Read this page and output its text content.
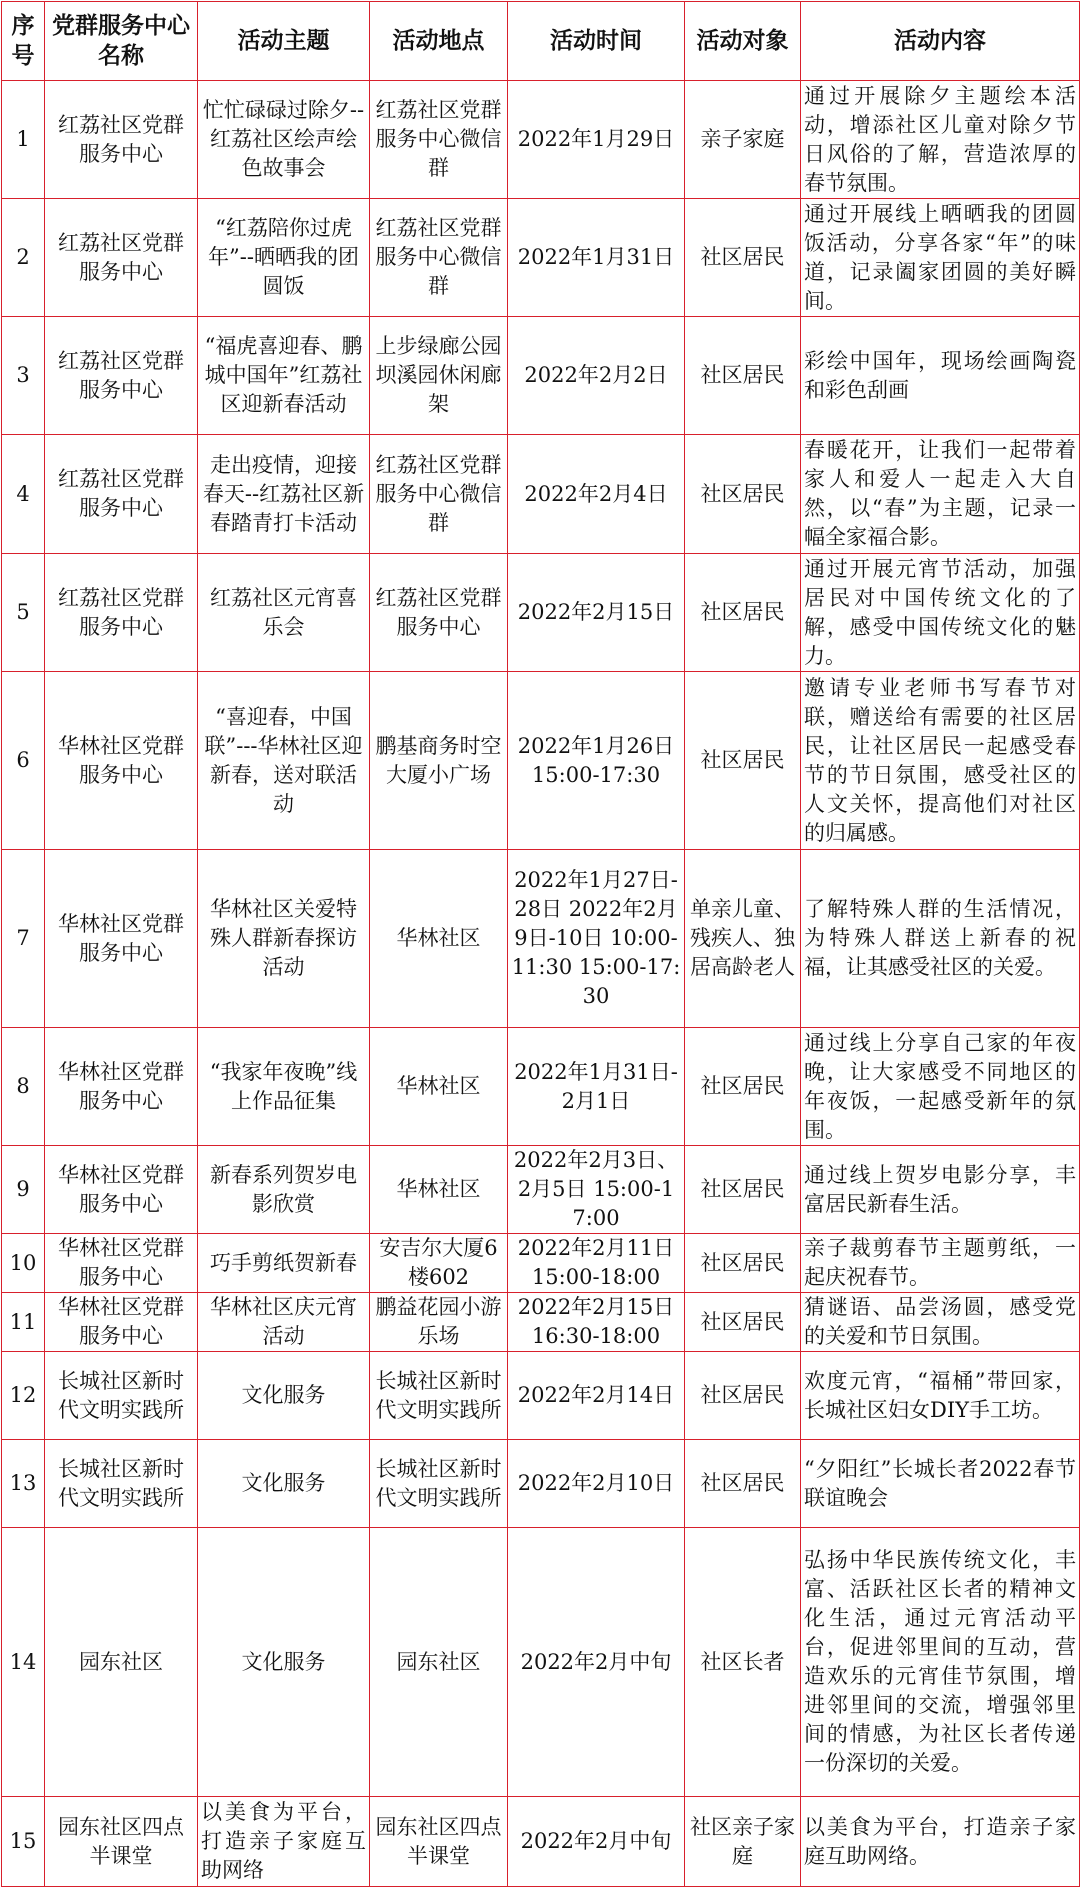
序号	党群服务中心名称	活动主题	活动地点	活动时间	活动对象	活动内容
1	红荔社区党群服务中心	忙忙碌碌过除夕--红荔社区绘声绘色故事会	红荔社区党群服务中心微信群	2022年1月29日	亲子家庭	通过开展除夕主题绘本活动，增添社区儿童对除夕节日风俗的了解，营造浓厚的春节氛围。
2	红荔社区党群服务中心	“红荔陪你过虎年”--晒晒我的团圆饭	红荔社区党群服务中心微信群	2022年1月31日	社区居民	通过开展线上晒晒我的团圆饭活动，分享各家“年”的味道，记录阖家团圆的美好瞬间。
3	红荔社区党群服务中心	“福虎喜迎春、鹏城中国年”红荔社区迎新春活动	上步绿廊公园坝溪园休闲廊架	2022年2月2日	社区居民	彩绘中国年，现场绘画陶瓷和彩色刮画
4	红荔社区党群服务中心	走出疫情，迎接春天--红荔社区新春踏青打卡活动	红荔社区党群服务中心微信群	2022年2月4日	社区居民	春暖花开，让我们一起带着家人和爱人一起走入大自然，以“春”为主题，记录一幅全家福合影。
5	红荔社区党群服务中心	红荔社区元宵喜乐会	红荔社区党群服务中心	2022年2月15日	社区居民	通过开展元宵节活动，加强居民对中国传统文化的了解，感受中国传统文化的魅力。
6	华林社区党群服务中心	“喜迎春，中国联”---华林社区迎新春，送对联活动	鹏基商务时空大厦小广场	2022年1月26日 15:00-17:30	社区居民	邀请专业老师书写春节对联，赠送给有需要的社区居民，让社区居民一起感受春节的节日氛围，感受社区的人文关怀，提高他们对社区的归属感。
7	华林社区党群服务中心	华林社区关爱特殊人群新春探访活动	华林社区	2022年1月27日-28日 2022年2月9日-10日 10:00-11:30 15:00-17:30	单亲儿童、残疾人、独居高龄老人	了解特殊人群的生活情况，为特殊人群送上新春的祝福，让其感受社区的关爱。
8	华林社区党群服务中心	“我家年夜晚”线上作品征集	华林社区	2022年1月31日-2月1日	社区居民	通过线上分享自己家的年夜晚，让大家感受不同地区的年夜饭，一起感受新年的氛围。
9	华林社区党群服务中心	新春系列贺岁电影欣赏	华林社区	2022年2月3日、2月5日 15:00-17:00	社区居民	通过线上贺岁电影分享，丰富居民新春生活。
10	华林社区党群服务中心	巧手剪纸贺新春	安吉尔大厦6楼602	2022年2月11日 15:00-18:00	社区居民	亲子裁剪春节主题剪纸，一起庆祝春节。
11	华林社区党群服务中心	华林社区庆元宵活动	鹏益花园小游乐场	2022年2月15日 16:30-18:00	社区居民	猜谜语、品尝汤圆，感受党的关爱和节日氛围。
12	长城社区新时代文明实践所	文化服务	长城社区新时代文明实践所	2022年2月14日	社区居民	欢度元宵，“福桶”带回家，长城社区妇女DIY手工坊。
13	长城社区新时代文明实践所	文化服务	长城社区新时代文明实践所	2022年2月10日	社区居民	“夕阳红”长城长者2022春节联谊晚会
14	园东社区	文化服务	园东社区	2022年2月中旬	社区长者	弘扬中华民族传统文化，丰富、活跃社区长者的精神文化生活，通过元宵活动平台，促进邻里间的互动，营造欢乐的元宵佳节氛围，增进邻里间的交流，增强邻里间的情感，为社区长者传递一份深切的关爱。
15	园东社区四点半课堂	以美食为平台，打造亲子家庭互助网络	园东社区四点半课堂	2022年2月中旬	社区亲子家庭	以美食为平台，打造亲子家庭互助网络。
